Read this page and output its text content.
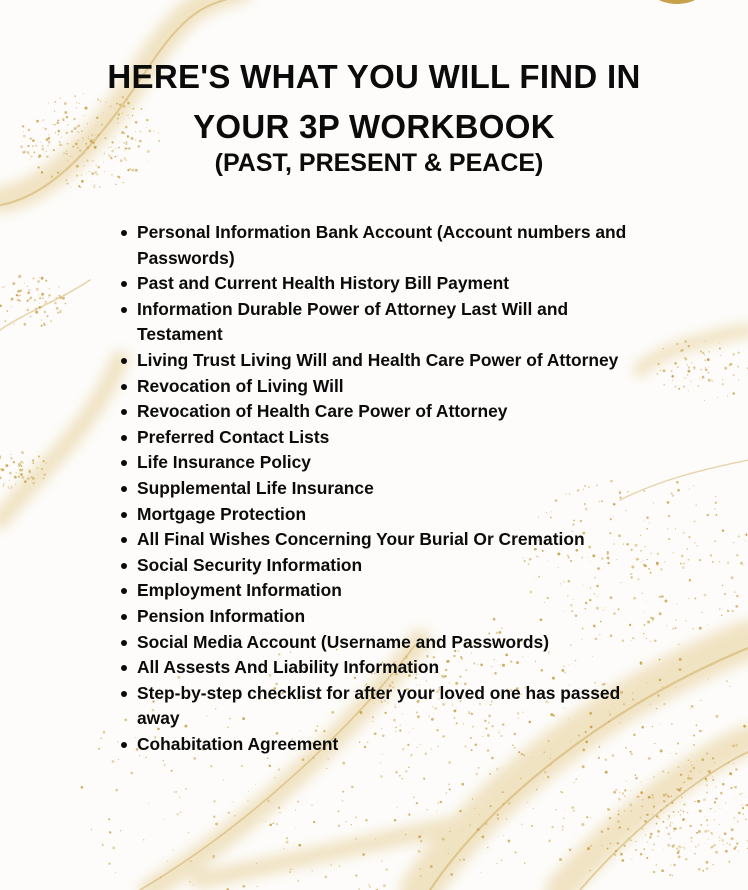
HERE'S WHAT YOU WILL FIND IN
YOUR 3P WORKBOOK
(PAST, PRESENT & PEACE)
Personal Information Bank Account (Account numbers and Passwords)
Past and Current Health History Bill Payment
Information Durable Power of Attorney Last Will and Testament
Living Trust Living Will and Health Care Power of Attorney
Revocation of Living Will
Revocation of Health Care Power of Attorney
Preferred Contact Lists
Life Insurance Policy
Supplemental Life Insurance
Mortgage Protection
All Final Wishes Concerning Your Burial Or Cremation
Social Security Information
Employment Information
Pension Information
Social Media Account (Username and Passwords)
All Assests And Liability Information
Step-by-step checklist for after your loved one has passed away
Cohabitation Agreement
